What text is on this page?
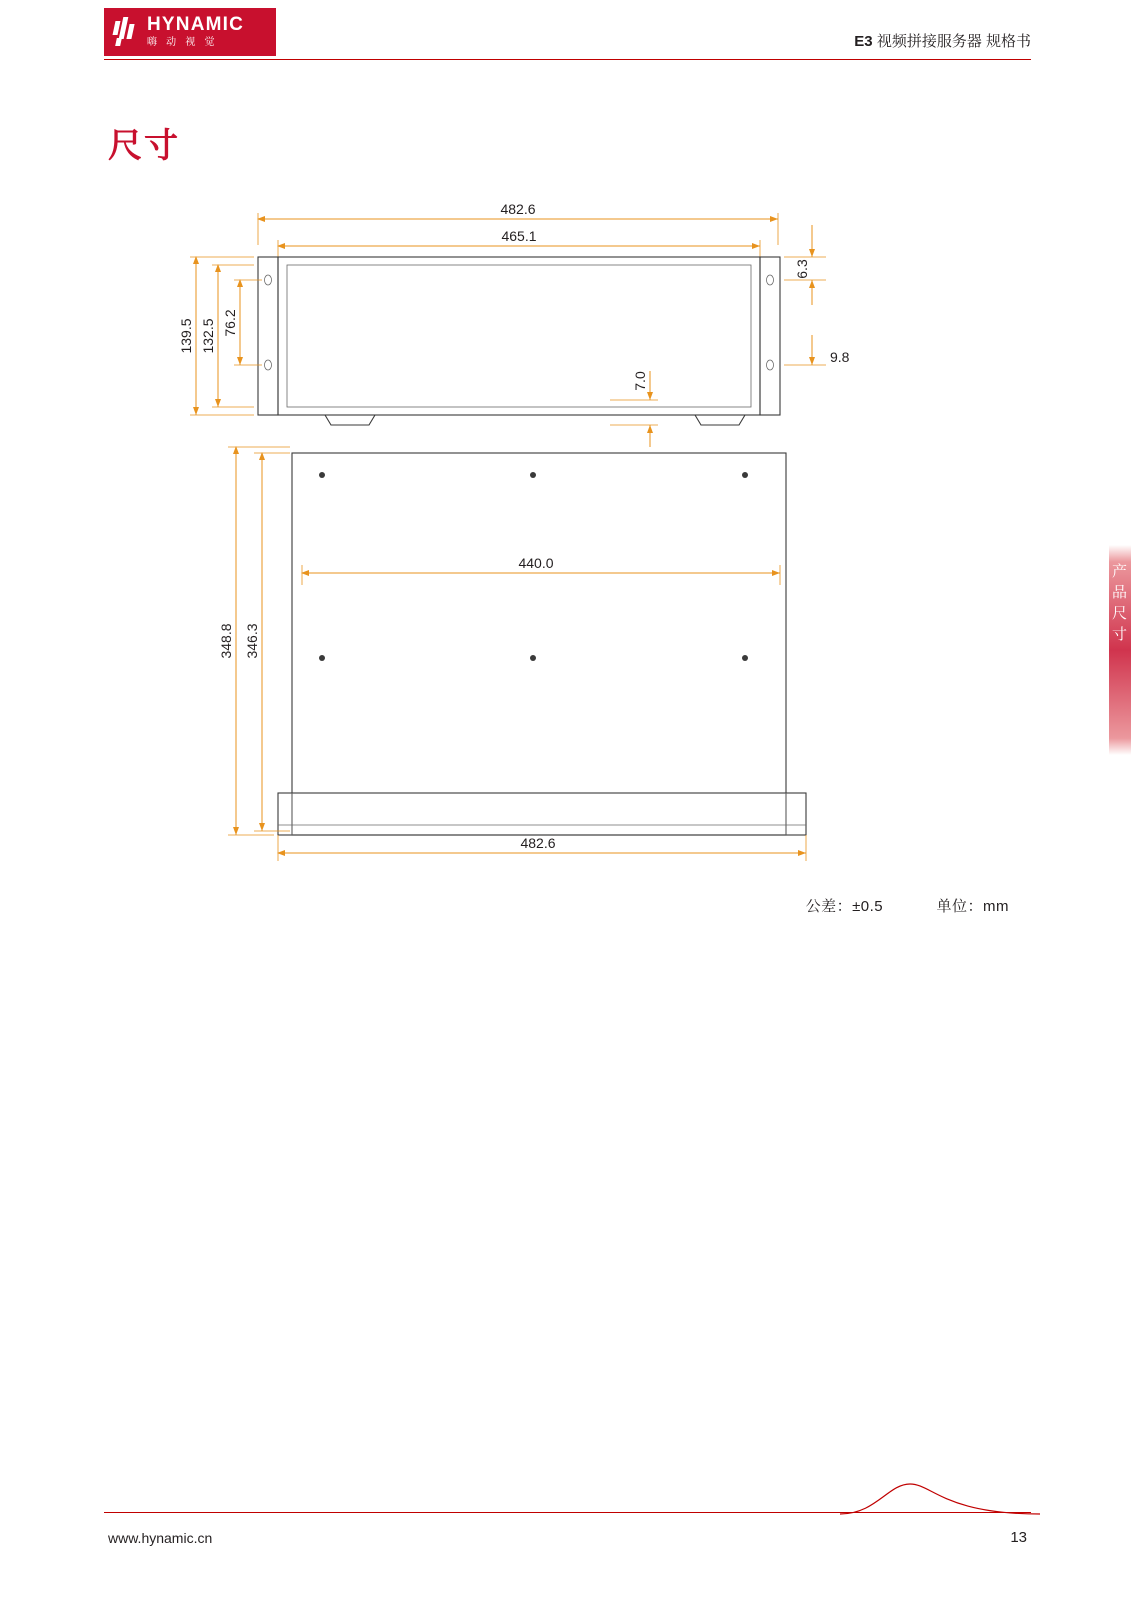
HYNAMIC
嗨 动 视 觉	E3 视频拼接服务器 规格书
尺寸
482.6
465.1
139.5 132.5 76.2
6.3
9.8
7.0
440.0
482.6
348.8 346.3
公差：±0.5	单位：mm
产品尺寸
www.hynamic.cn	13
